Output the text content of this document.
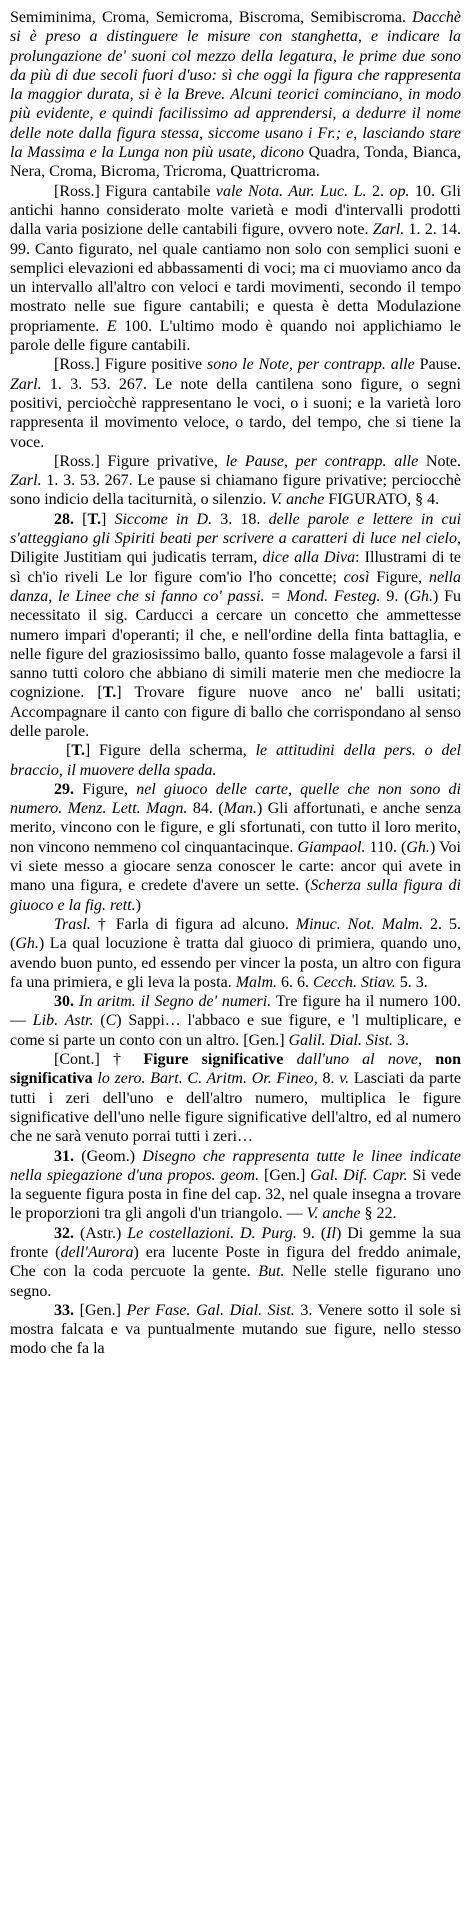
Semiminima, Croma, Semicroma, Biscroma, Semibiscroma. Dacchè si è preso a distinguere le misure con stanghetta, e indicare la prolungazione de' suoni col mezzo della legatura, le prime due sono da più di due secoli fuori d'uso: sì che oggi la figura che rappresenta la maggior durata, si è la Breve. Alcuni teorici cominciano, in modo più evidente, e quindi facilissimo ad apprendersi, a dedurre il nome delle note dalla figura stessa, siccome usano i Fr.; e, lasciando stare la Massima e la Lunga non più usate, dicono Quadra, Tonda, Bianca, Nera, Croma, Bicroma, Tricroma, Quattricroma.

[Ross.] Figura cantabile vale Nota. Aur. Luc. L. 2. op. 10. Gli antichi hanno considerato molte varietà e modi d'intervalli prodotti dalla varia posizione delle cantabili figure, ovvero note. Zarl. 1. 2. 14. 99. Canto figurato, nel quale cantiamo non solo con semplici suoni e semplici elevazioni ed abbassamenti di voci; ma ci muoviamo anco da un intervallo all'altro con veloci e tardi movimenti, secondo il tempo mostrato nelle sue figure cantabili; e questa è detta Modulazione propriamente. E 100. L'ultimo modo è quando noi applichiamo le parole delle figure cantabili.

[Ross.] Figure positive sono le Note, per contrapp. alle Pause. Zarl. 1. 3. 53. 267. Le note della cantilena sono figure, o segni positivi, percioc̀chè rappresentano le voci, o i suoni; e la varietà loro rappresenta il movimento veloce, o tardo, del tempo, che si tiene la voce.

[Ross.] Figure privative, le Pause, per contrapp. alle Note. Zarl. 1. 3. 53. 267. Le pause si chiamano figure privative; perciocchè sono indicio della taciturnità, o silenzio. V. anche FIGURATO, § 4.

28. [T.] Siccome in D. 3. 18. delle parole e lettere in cui s'atteggiano gli Spiriti beati per scrivere a caratteri di luce nel cielo, Diligite Justitiam qui judicatis terram, dice alla Diva: Illustrami di te sì ch'io riveli Le lor figure com'io l'ho concette; così Figure, nella danza, le Linee che si fanno co' passi. = Mond. Festeg. 9. (Gh.) Fu necessitato il sig. Carducci a cercare un concetto che ammettesse numero impari d'operanti; il che, e nell'ordine della finta battaglia, e nelle figure del graziosissimo ballo, quanto fosse malagevole a farsi il sanno tutti coloro che abbiano di simili materie men che mediocre la cognizione. [T.] Trovare figure nuove anco ne' balli usitati; Accompagnare il canto con figure di ballo che corrispondano al senso delle parole.

[T.] Figure della scherma, le attitudini della pers. o del braccio, il muovere della spada.

29. Figure, nel giuoco delle carte, quelle che non sono di numero. Menz. Lett. Magn. 84. (Man.) Gli affortunati, e anche senza merito, vincono con le figure, e gli sfortunati, con tutto il loro merito, non vincono nemmeno col cinquantacinque. Giampaol. 110. (Gh.) Voi vi siete messo a giocare senza conoscer le carte: ancor qui avete in mano una figura, e credete d'avere un sette. (Scherza sulla figura di giuoco e la fig. rett.)

Trasl. † Farla di figura ad alcuno. Minuc. Not. Malm. 2. 5. (Gh.) La qual locuzione è tratta dal giuoco di primiera, quando uno, avendo buon punto, ed essendo per vincer la posta, un altro con figura fa una primiera, e gli leva la posta. Malm. 6. 6. Cecch. Stiav. 5. 3.

30. In aritm. il Segno de' numeri. Tre figure ha il numero 100. — Lib. Astr. (C) Sappi… l'abbaco e sue figure, e 'l multiplicare, e come si parte un conto con un altro. [Gen.] Galil. Dial. Sist. 3.

[Cont.] † Figure significative dall'uno al nove, non significativa lo zero. Bart. C. Aritm. Or. Fineo, 8. v. Lasciati da parte tutti i zeri dell'uno e dell'altro numero, multiplica le figure significative dell'uno nelle figure significative dell'altro, ed al numero che ne sarà venuto porrai tutti i zeri…

31. (Geom.) Disegno che rappresenta tutte le linee indicate nella spiegazione d'una propos. geom. [Gen.] Gal. Dif. Capr. Si vede la seguente figura posta in fine del cap. 32, nel quale insegna a trovare le proporzioni tra gli angoli d'un triangolo. — V. anche § 22.

32. (Astr.) Le costellazioni. D. Purg. 9. (Il) Di gemme la sua fronte (dell'Aurora) era lucente Poste in figura del freddo animale, Che con la coda percuote la gente. But. Nelle stelle figurano uno segno.

33. [Gen.] Per Fase. Gal. Dial. Sist. 3. Venere sotto il sole si mostra falcata e va puntualmente mutando sue figure, nello stesso modo che fa la
